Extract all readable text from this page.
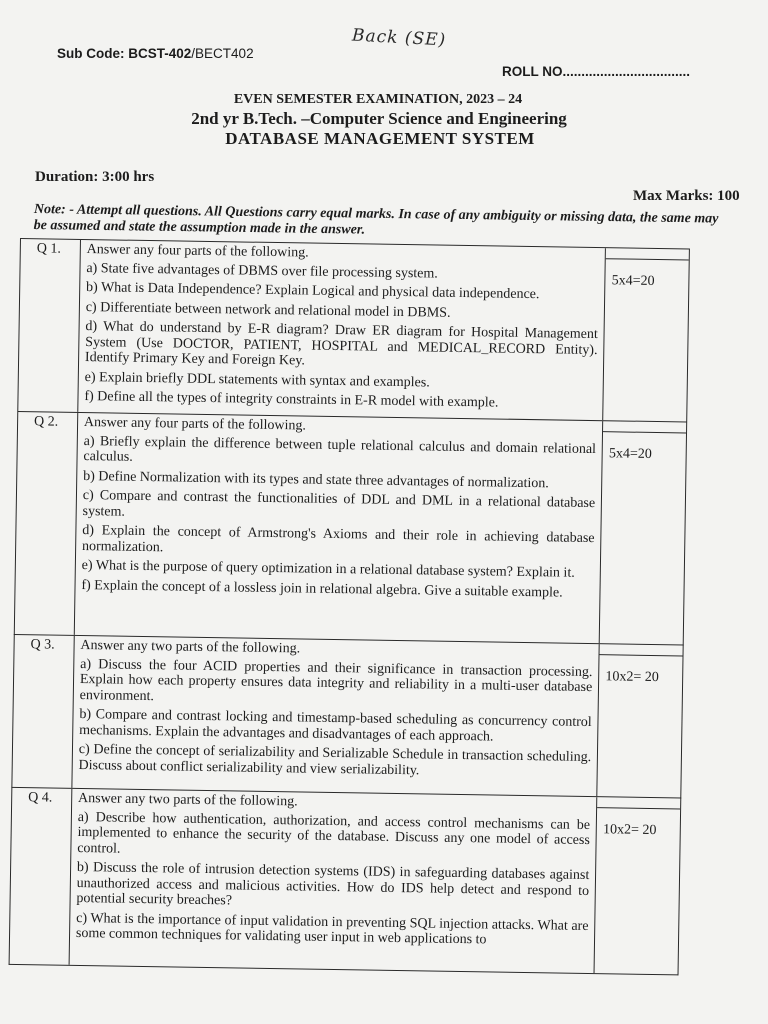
Back (SE)
Sub Code: BCST-402/BECT402
ROLL NO..................................
EVEN SEMESTER EXAMINATION, 2023 – 24
2nd yr B.Tech. –Computer Science and Engineering
DATABASE MANAGEMENT SYSTEM
Duration: 3:00 hrs
Max Marks: 100
Note: - Attempt all questions. All Questions carry equal marks. In case of any ambiguity or missing data, the same may be assumed and state the assumption made in the answer.
Q 1.	Answer any four parts of the following.
a) State five advantages of DBMS over file processing system.
b) What is Data Independence? Explain Logical and physical data independence.
c) Differentiate between network and relational model in DBMS.
d) What do understand by E-R diagram? Draw ER diagram for Hospital Management System (Use DOCTOR, PATIENT, HOSPITAL and MEDICAL_RECORD Entity). Identify Primary Key and Foreign Key.
e) Explain briefly DDL statements with syntax and examples.
f) Define all the types of integrity constraints in E-R model with example.
5x4=20
Q 2.	Answer any four parts of the following.
a) Briefly explain the difference between tuple relational calculus and domain relational calculus.
b) Define Normalization with its types and state three advantages of normalization.
c) Compare and contrast the functionalities of DDL and DML in a relational database system.
d) Explain the concept of Armstrong's Axioms and their role in achieving database normalization.
e) What is the purpose of query optimization in a relational database system? Explain it.
f) Explain the concept of a lossless join in relational algebra. Give a suitable example.
5x4=20
Q 3.	Answer any two parts of the following.
a) Discuss the four ACID properties and their significance in transaction processing. Explain how each property ensures data integrity and reliability in a multi-user database environment.
b) Compare and contrast locking and timestamp-based scheduling as concurrency control mechanisms. Explain the advantages and disadvantages of each approach.
c) Define the concept of serializability and Serializable Schedule in transaction scheduling. Discuss about conflict serializability and view serializability.
10x2= 20
Q 4.	Answer any two parts of the following.
a) Describe how authentication, authorization, and access control mechanisms can be implemented to enhance the security of the database. Discuss any one model of access control.
b) Discuss the role of intrusion detection systems (IDS) in safeguarding databases against unauthorized access and malicious activities. How do IDS help detect and respond to potential security breaches?
c) What is the importance of input validation in preventing SQL injection attacks. What are some common techniques for validating user input in web applications to
10x2= 20
